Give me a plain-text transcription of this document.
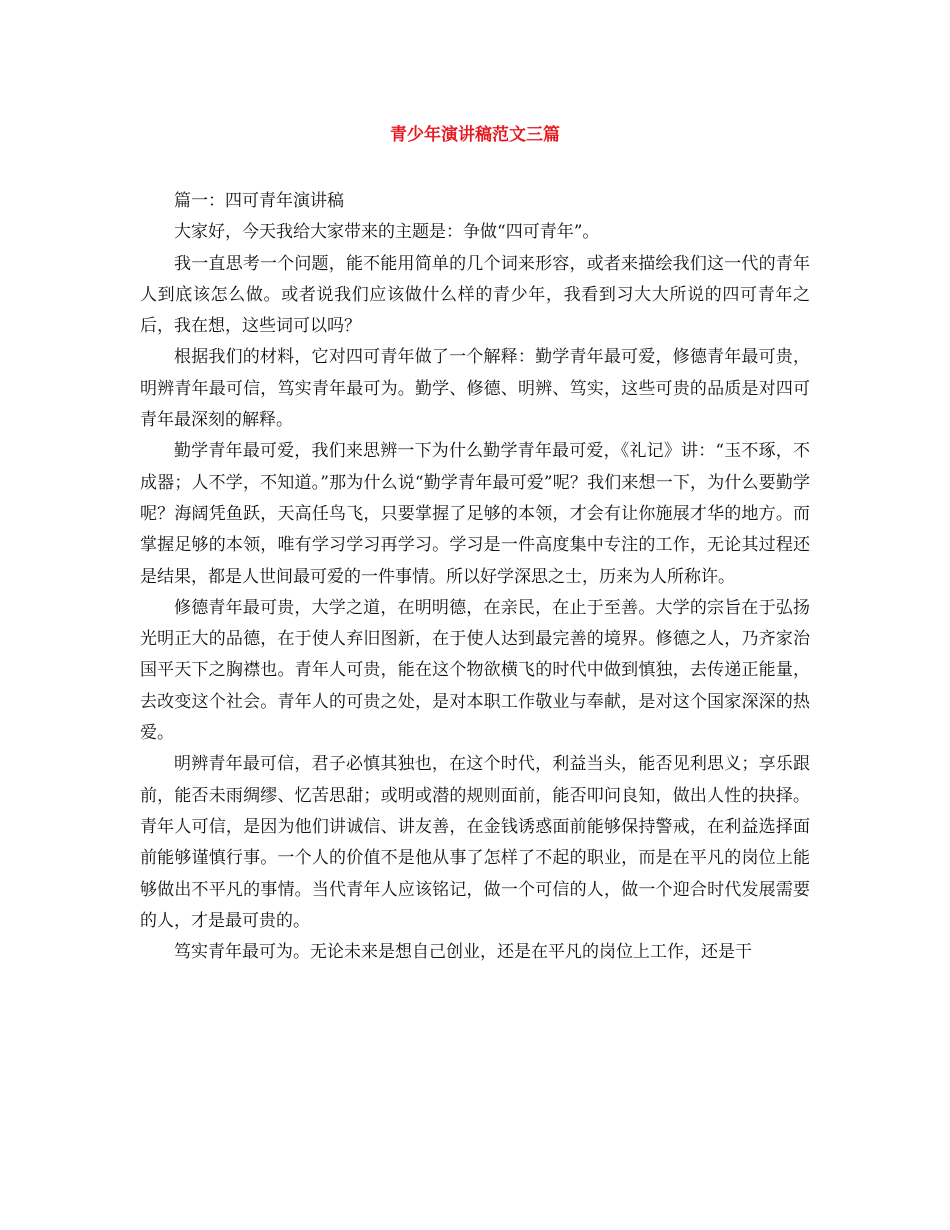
青少年演讲稿范文三篇

篇一：四可青年演讲稿

大家好，今天我给大家带来的主题是：争做“四可青年”。

我一直思考一个问题，能不能用简单的几个词来形容，或者来描绘我们这一代的青年人到底该怎么做。或者说我们应该做什么样的青少年，我看到习大大所说的四可青年之后，我在想，这些词可以吗？

根据我们的材料，它对四可青年做了一个解释：勤学青年最可爱，修德青年最可贵，明辨青年最可信，笃实青年最可为。勤学、修德、明辨、笃实，这些可贵的品质是对四可青年最深刻的解释。

勤学青年最可爱，我们来思辨一下为什么勤学青年最可爱，《礼记》讲：“玉不琢，不成器；人不学，不知道。”那为什么说“勤学青年最可爱”呢？我们来想一下，为什么要勤学呢？海阔凭鱼跃，天高任鸟飞，只要掌握了足够的本领，才会有让你施展才华的地方。而掌握足够的本领，唯有学习学习再学习。学习是一件高度集中专注的工作，无论其过程还是结果，都是人世间最可爱的一件事情。所以好学深思之士，历来为人所称许。

修德青年最可贵，大学之道，在明明德，在亲民，在止于至善。大学的宗旨在于弘扬光明正大的品德，在于使人弃旧图新，在于使人达到最完善的境界。修德之人，乃齐家治国平天下之胸襟也。青年人可贵，能在这个物欲横飞的时代中做到慎独，去传递正能量，去改变这个社会。青年人的可贵之处，是对本职工作敬业与奉献，是对这个国家深深的热爱。

明辨青年最可信，君子必慎其独也，在这个时代，利益当头，能否见利思义；享乐跟前，能否未雨绸缪、忆苦思甜；或明或潜的规则面前，能否叩问良知，做出人性的抉择。青年人可信，是因为他们讲诚信、讲友善，在金钱诱惑面前能够保持警戒，在利益选择面前能够谨慎行事。一个人的价值不是他从事了怎样了不起的职业，而是在平凡的岗位上能够做出不平凡的事情。当代青年人应该铭记，做一个可信的人，做一个迎合时代发展需要的人，才是最可贵的。

笃实青年最可为。无论未来是想自己创业，还是在平凡的岗位上工作，还是干
